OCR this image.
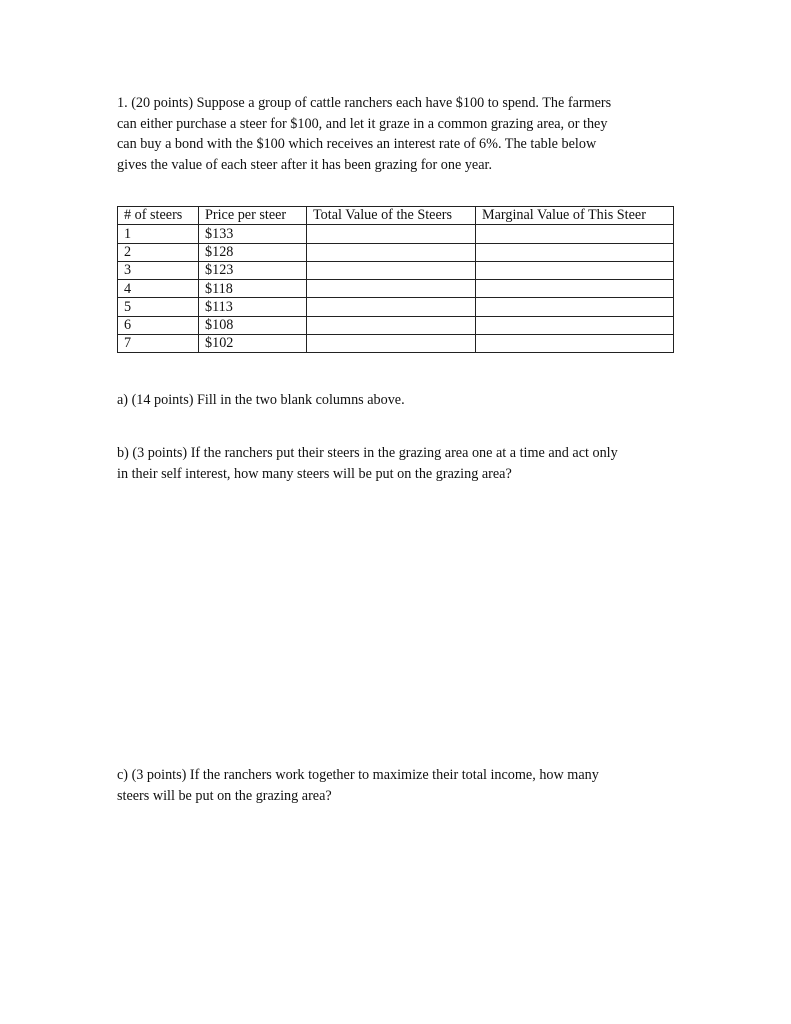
1. (20 points) Suppose a group of cattle ranchers each have $100 to spend. The farmers
can either purchase a steer for $100, and let it graze in a common grazing area, or they
can buy a bond with the $100 which receives an interest rate of 6%. The table below
gives the value of each steer after it has been grazing for one year.

# of steers	Price per steer	Total Value of the Steers	Marginal Value of This Steer
1	$133		
2	$128		
3	$123		
4	$118		
5	$113		
6	$108		
7	$102		

a) (14 points) Fill in the two blank columns above.

b) (3 points) If the ranchers put their steers in the grazing area one at a time and act only
in their self interest, how many steers will be put on the grazing area?

c) (3 points) If the ranchers work together to maximize their total income, how many
steers will be put on the grazing area?
